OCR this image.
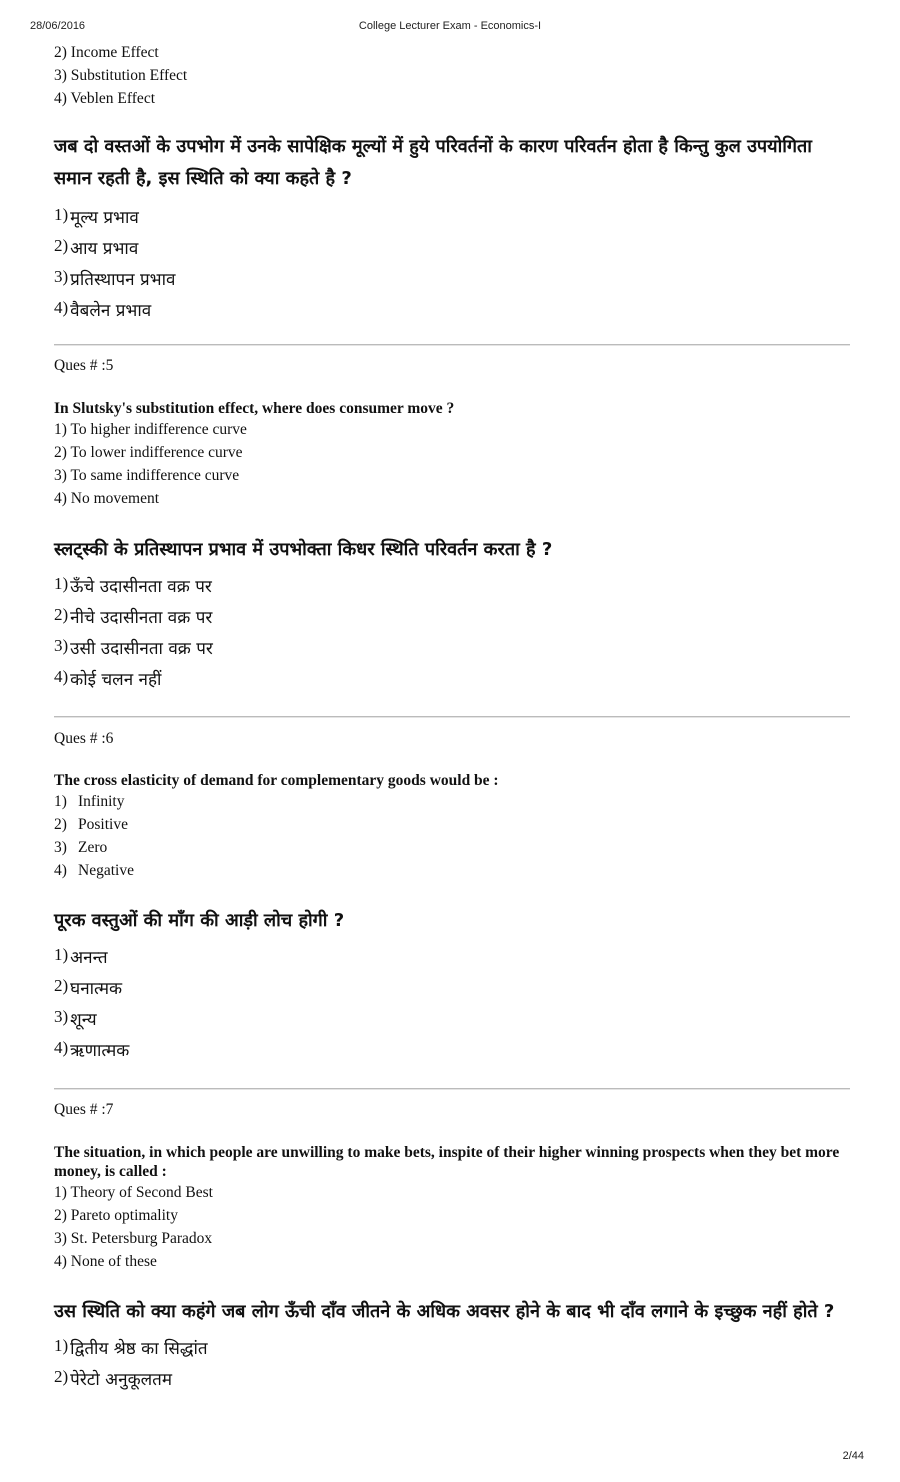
28/06/2016	College Lecturer Exam - Economics-I
2) Income Effect
3) Substitution Effect
4) Veblen Effect

जब दो वस्तओं के उपभोग में उनके सापेक्षिक मूल्यों में हुये परिवर्तनों के कारण परिवर्तन होता है किन्तु कुल उपयोगिता समान रहती है, इस स्थिति को क्या कहते है ?

1) मूल्य प्रभाव
2) आय प्रभाव
3) प्रतिस्थापन प्रभाव
4) वैबलेन प्रभाव
Ques # :5
In Slutsky's substitution effect, where does consumer move ?
1) To higher indifference curve
2) To lower indifference curve
3) To same indifference curve
4) No movement

स्लट्स्की के प्रतिस्थापन प्रभाव में उपभोक्ता किधर स्थिति परिवर्तन करता है ?

1) ऊँचे उदासीनता वक्र पर
2) नीचे उदासीनता वक्र पर
3) उसी उदासीनता वक्र पर
4) कोई चलन नहीं
Ques # :6
The cross elasticity of demand for complementary goods would be :
1) Infinity
2) Positive
3) Zero
4) Negative

पूरक वस्तुओं की माँग की आड़ी लोच होगी ?

1) अनन्त
2) घनात्मक
3) शून्य
4) ऋणात्मक
Ques # :7
The situation, in which people are unwilling to make bets, inspite of their higher winning prospects when they bet more money, is called :
1) Theory of Second Best
2) Pareto optimality
3) St. Petersburg Paradox
4) None of these

उस स्थिति को क्या कहंगे जब लोग ऊँची दाँव जीतने के अधिक अवसर होने के बाद भी दाँव लगाने के इच्छुक नहीं होते ?

1) द्वितीय श्रेष्ठ का सिद्धांत
2) पेरेटो अनुकूलतम
2/44
